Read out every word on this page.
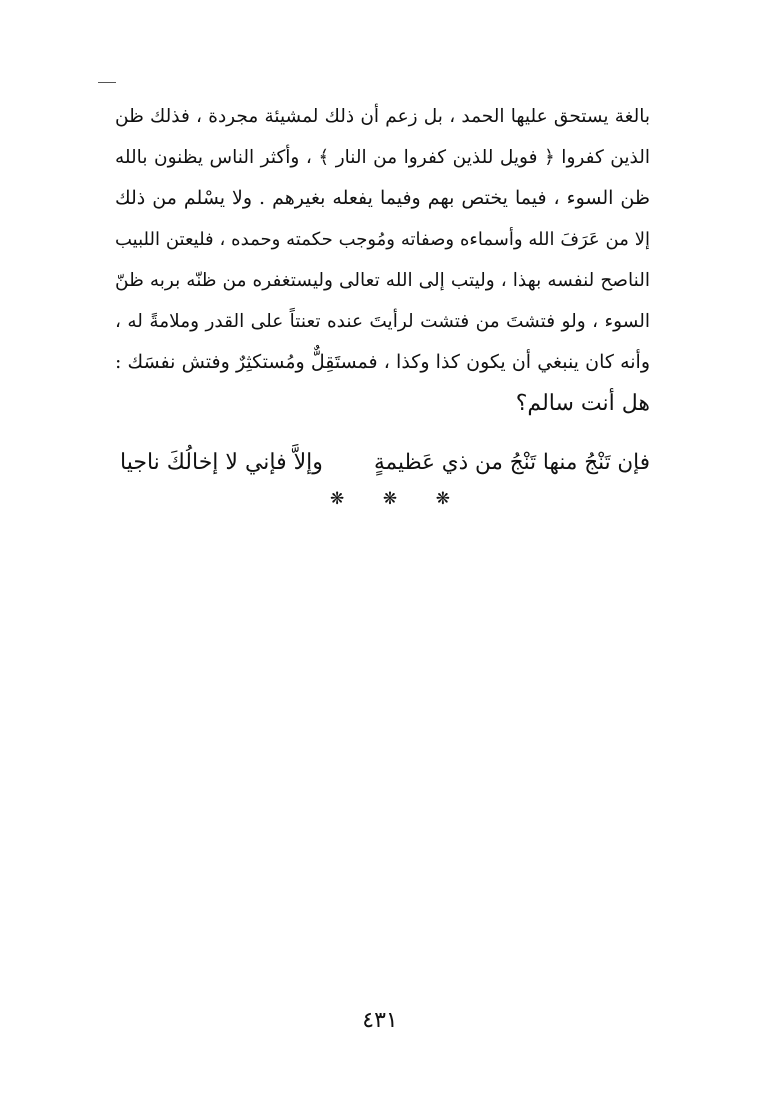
بالغة يستحق عليها الحمد ، بل زعم أن ذلك لمشيئة مجردة ، فذلك ظن
الذين كفروا ﴿ فويل للذين كفروا من النار ﴾ ، وأكثر الناس يظنون بالله
ظن السوء ، فيما يختص بهم وفيما يفعله بغيرهم . ولا يسْلم من ذلك
إلا من عَرَفَ الله وأسماءه وصفاته ومُوجب حكمته وحمده ، فليعتن اللبيب
الناصح لنفسه بهذا ، وليتب إلى الله تعالى وليستغفره من ظنّه بربه ظنّ
السوء ، ولو فتشتَ من فتشت لرأيتَ عنده تعنتاً على القدر وملامةً له ،
وأنه كان ينبغي أن يكون كذا وكذا ، فمستَقِلٌّ ومُستكثِرٌ وفتش نفسَك :
هل أنت سالم؟
فإن تَنْجُ منها تَنْجُ من ذي عَظيمةٍ
وإلاَّ فإني لا إخالُكَ ناجيا
❋ ❋ ❋
٤٣١
